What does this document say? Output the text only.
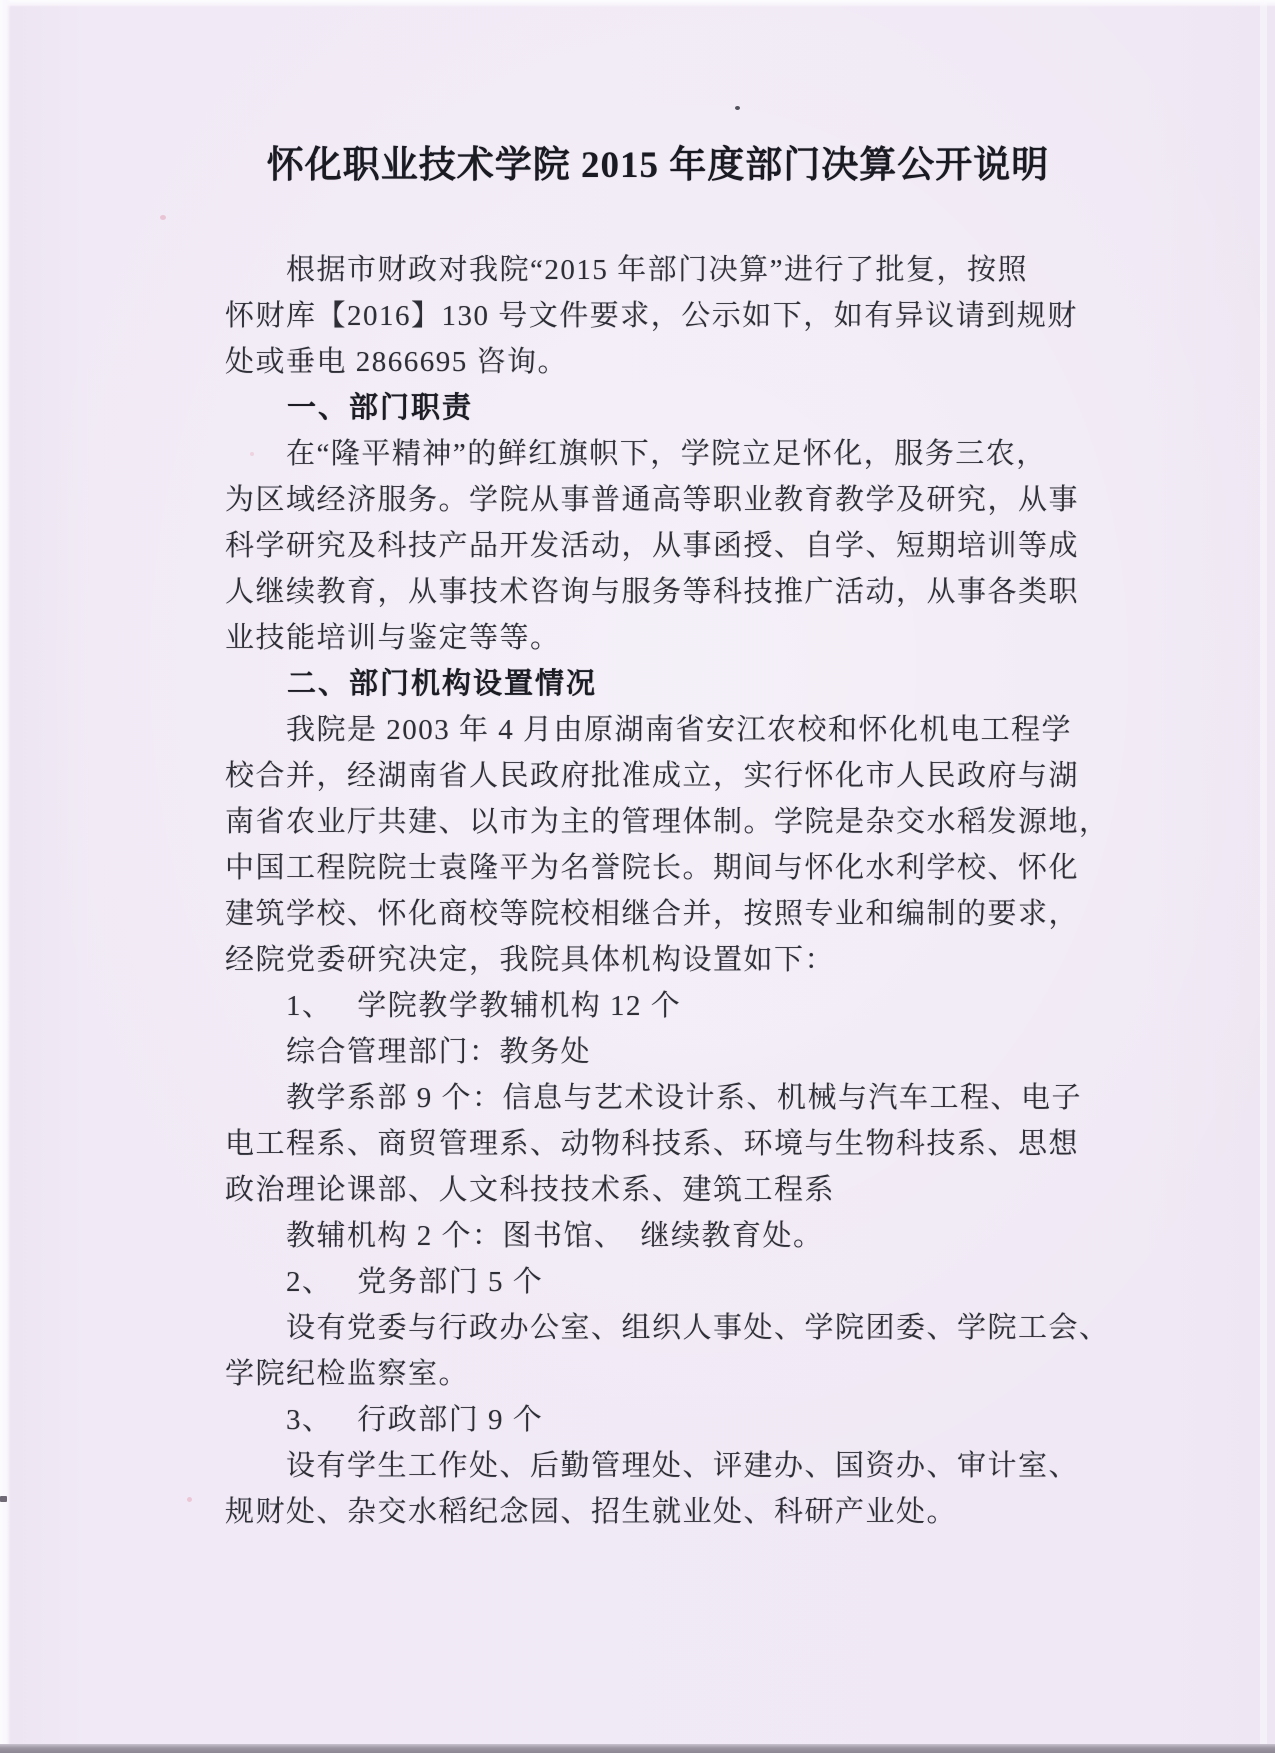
怀化职业技术学院 2015 年度部门决算公开说明
　　根据市财政对我院“2015 年部门决算”进行了批复，按照
怀财库【2016】130 号文件要求，公示如下，如有异议请到规财
处或垂电 2866695 咨询。
　　一、部门职责
　　在“隆平精神”的鲜红旗帜下，学院立足怀化，服务三农，
为区域经济服务。学院从事普通高等职业教育教学及研究，从事
科学研究及科技产品开发活动，从事函授、自学、短期培训等成
人继续教育，从事技术咨询与服务等科技推广活动，从事各类职
业技能培训与鉴定等等。
　　二、部门机构设置情况
　　我院是 2003 年 4 月由原湖南省安江农校和怀化机电工程学
校合并，经湖南省人民政府批准成立，实行怀化市人民政府与湖
南省农业厅共建、以市为主的管理体制。学院是杂交水稻发源地，
中国工程院院士袁隆平为名誉院长。期间与怀化水利学校、怀化
建筑学校、怀化商校等院校相继合并，按照专业和编制的要求，
经院党委研究决定，我院具体机构设置如下：
　　1、　 学院教学教辅机构 12 个
　　综合管理部门：教务处
　　教学系部 9 个：信息与艺术设计系、机械与汽车工程、电子
电工程系、商贸管理系、动物科技系、环境与生物科技系、思想
政治理论课部、人文科技技术系、建筑工程系
　　教辅机构 2 个：图书馆、　继续教育处。
　　2、　 党务部门 5 个
　　设有党委与行政办公室、组织人事处、学院团委、学院工会、
学院纪检监察室。
　　3、　 行政部门 9 个
　　设有学生工作处、后勤管理处、评建办、国资办、审计室、
规财处、杂交水稻纪念园、招生就业处、科研产业处。
